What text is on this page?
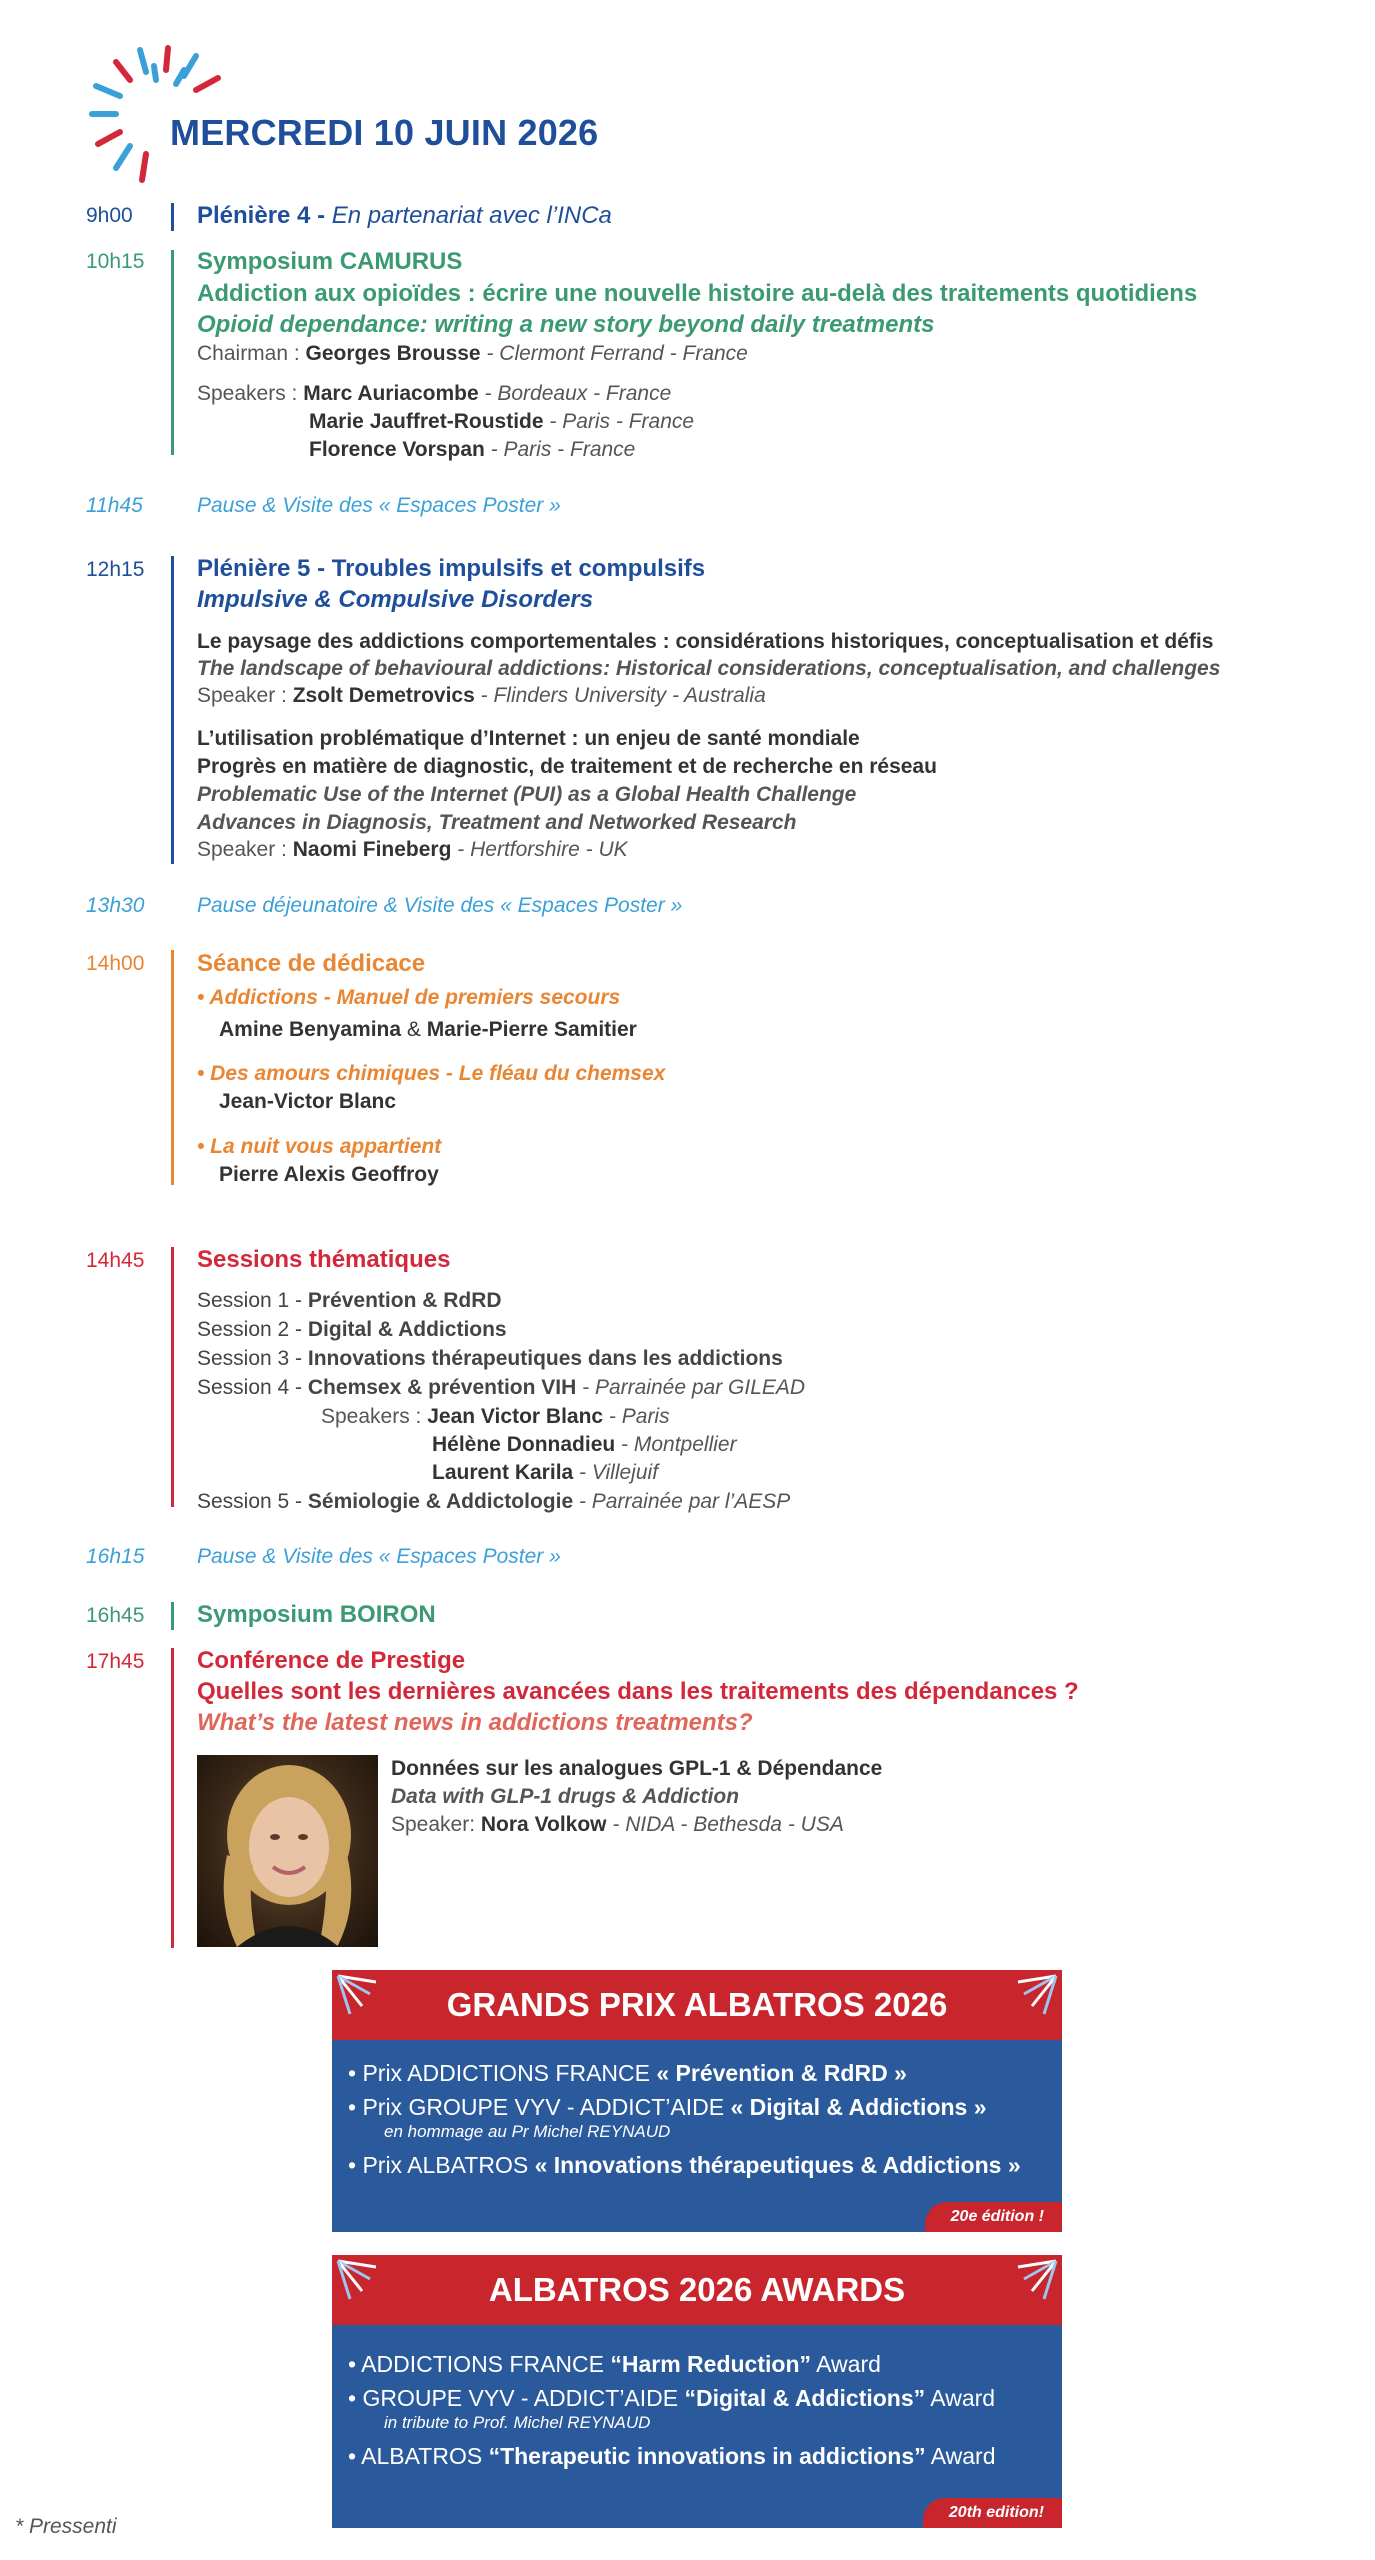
MERCREDI 10 JUIN 2026
9h00	Plénière 4 - En partenariat avec l’INCa
10h15 Symposium CAMURUS
Addiction aux opioïdes : écrire une nouvelle histoire au-delà des traitements quotidiens
Opioid dependance: writing a new story beyond daily treatments
Chairman : Georges Brousse - Clermont Ferrand - France
Speakers : Marc Auriacombe - Bordeaux - France
Marie Jauffret-Roustide - Paris - France
Florence Vorspan - Paris - France
11h45	Pause & Visite des « Espaces Poster »
12h15 Plénière 5 - Troubles impulsifs et compulsifs
Impulsive & Compulsive Disorders
Le paysage des addictions comportementales : considérations historiques, conceptualisation et défis
The landscape of behavioural addictions: Historical considerations, conceptualisation, and challenges
Speaker : Zsolt Demetrovics - Flinders University - Australia
L’utilisation problématique d’Internet : un enjeu de santé mondiale
Progrès en matière de diagnostic, de traitement et de recherche en réseau
Problematic Use of the Internet (PUI) as a Global Health Challenge
Advances in Diagnosis, Treatment and Networked Research
Speaker : Naomi Fineberg - Hertforshire - UK
13h30	Pause déjeunatoire & Visite des « Espaces Poster »
14h00 Séance de dédicace
• Addictions - Manuel de premiers secours
Amine Benyamina & Marie-Pierre Samitier
• Des amours chimiques - Le fléau du chemsex
Jean-Victor Blanc
• La nuit vous appartient
Pierre Alexis Geoffroy
14h45 Sessions thématiques
Session 1 - Prévention & RdRD
Session 2 - Digital & Addictions
Session 3 - Innovations thérapeutiques dans les addictions
Session 4 - Chemsex & prévention VIH - Parrainée par GILEAD
Speakers : Jean Victor Blanc - Paris
Hélène Donnadieu - Montpellier
Laurent Karila - Villejuif
Session 5 - Sémiologie & Addictologie - Parrainée par l’AESP
16h15	Pause & Visite des « Espaces Poster »
16h45 Symposium BOIRON
17h45 Conférence de Prestige
Quelles sont les dernières avancées dans les traitements des dépendances ?
What’s the latest news in addictions treatments?
Données sur les analogues GPL-1 & Dépendance
Data with GLP-1 drugs & Addiction
Speaker: Nora Volkow - NIDA - Bethesda - USA
GRANDS PRIX ALBATROS 2026
• Prix ADDICTIONS FRANCE « Prévention & RdRD »
• Prix GROUPE VYV - ADDICT’AIDE « Digital & Addictions »
en hommage au Pr Michel REYNAUD
• Prix ALBATROS « Innovations thérapeutiques & Addictions »
20e édition !
ALBATROS 2026 AWARDS
• ADDICTIONS FRANCE “Harm Reduction” Award
• GROUPE VYV - ADDICT’AIDE “Digital & Addictions” Award
in tribute to Prof. Michel REYNAUD
• ALBATROS “Therapeutic innovations in addictions” Award
20th edition!
* Pressenti
